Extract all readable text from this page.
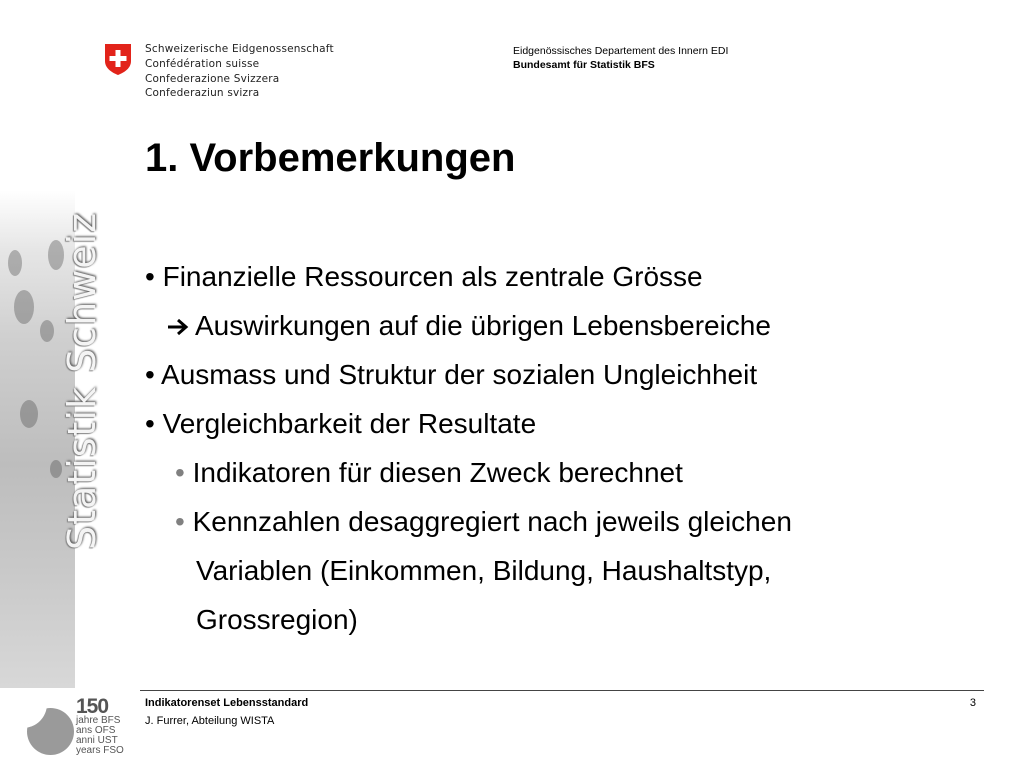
Schweizerische Eidgenossenschaft
Confédération suisse
Confederazione Svizzera
Confederaziun svizra
Eidgenössisches Departement des Innern EDI
Bundesamt für Statistik BFS
Statistik Schweiz
1. Vorbemerkungen
• Finanzielle Ressourcen als zentrale Grösse
Auswirkungen auf die übrigen Lebensbereiche
• Ausmass und Struktur der sozialen Ungleichheit
• Vergleichbarkeit der Resultate
• Indikatoren für diesen Zweck berechnet
• Kennzahlen desaggregiert nach jeweils gleichen
Variablen (Einkommen, Bildung, Haushaltstyp,
Grossregion)
150
jahre BFS
ans OFS
anni UST
years FSO
Indikatorenset Lebensstandard
J. Furrer, Abteilung WISTA
3
